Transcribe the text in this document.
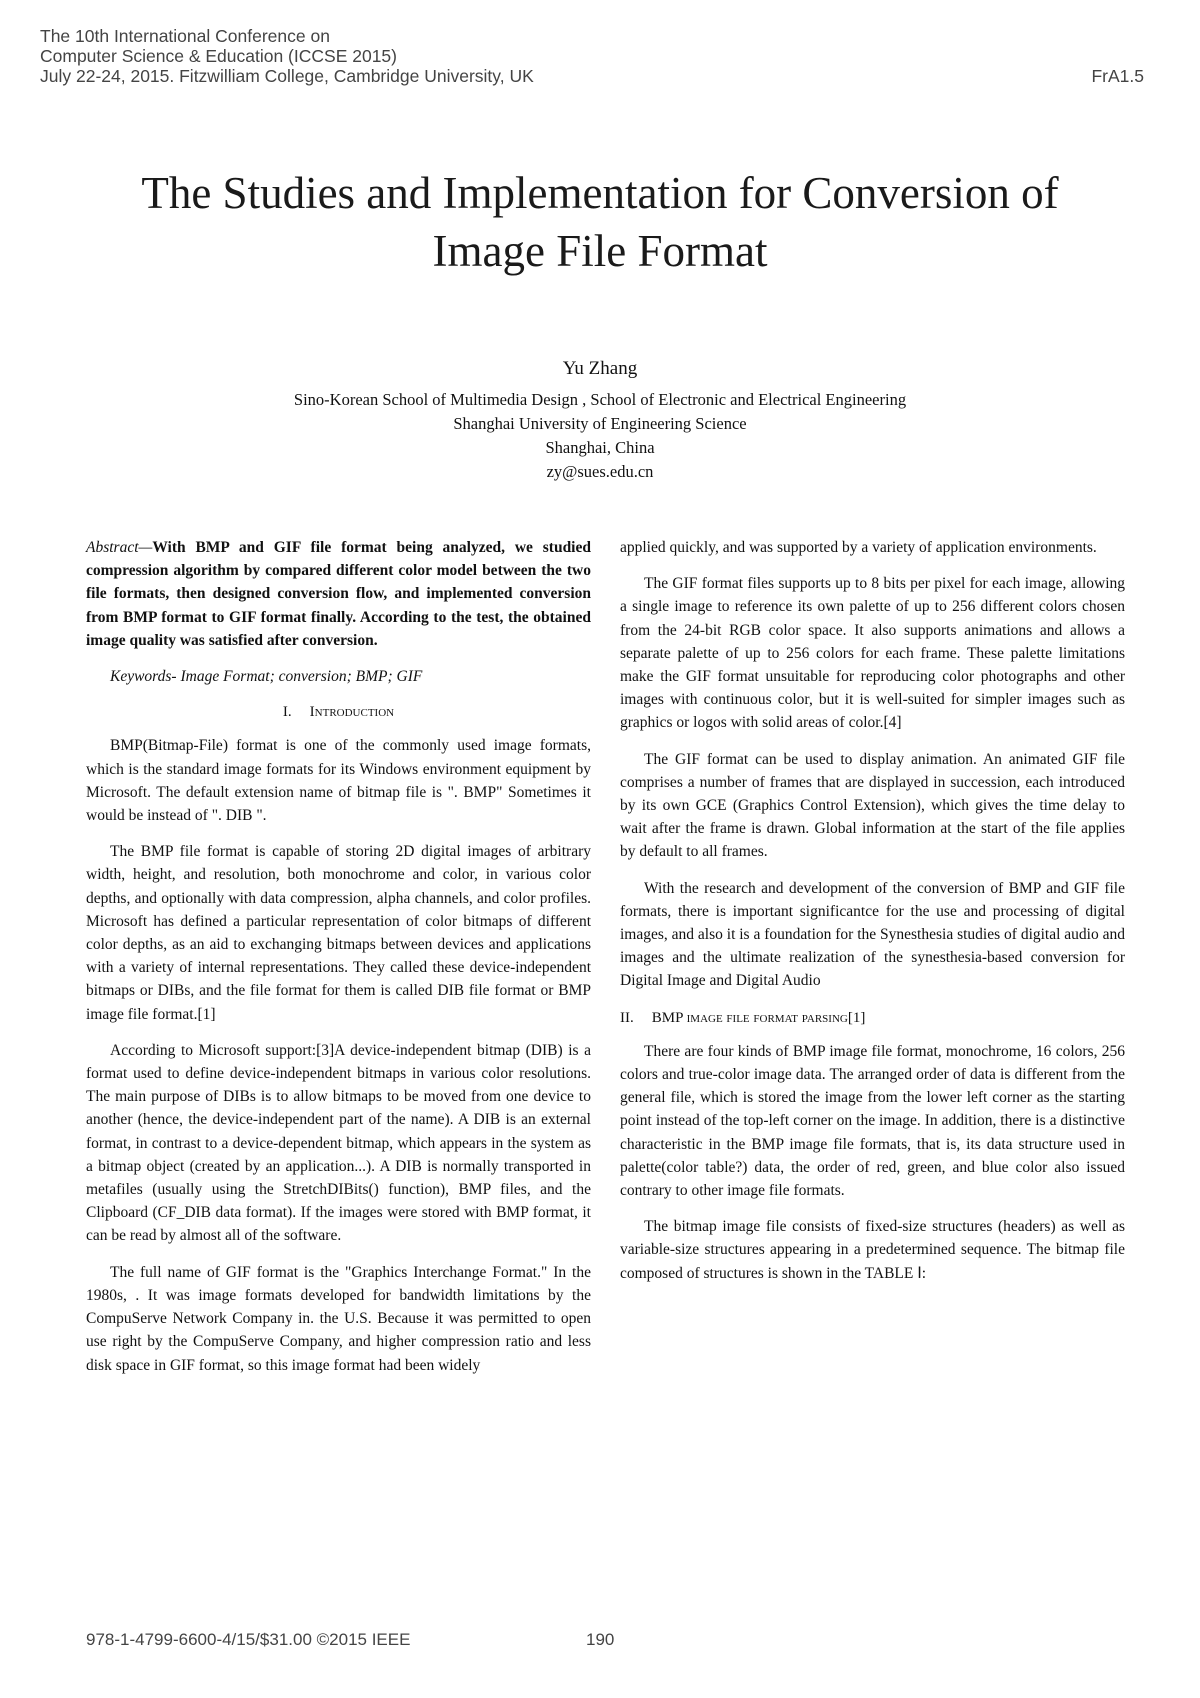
The 10th International Conference on
Computer Science & Education (ICCSE 2015)
July 22-24, 2015. Fitzwilliam College, Cambridge University, UK	FrA1.5
The Studies and Implementation for Conversion of
Image File Format
Yu Zhang
Sino-Korean School of Multimedia Design , School of Electronic and Electrical Engineering
Shanghai University of Engineering Science
Shanghai, China
zy@sues.edu.cn

Abstract—With BMP and GIF file format being analyzed, we studied compression algorithm by compared different color model between the two file formats, then designed conversion flow, and implemented conversion from BMP format to GIF format finally. According to the test, the obtained image quality was satisfied after conversion.

Keywords- Image Format; conversion; BMP; GIF

I. Introduction

BMP(Bitmap-File) format is one of the commonly used image formats, which is the standard image formats for its Windows environment equipment by Microsoft. The default extension name of bitmap file is ". BMP" Sometimes it would be instead of ". DIB ".

The BMP file format is capable of storing 2D digital images of arbitrary width, height, and resolution, both monochrome and color, in various color depths, and optionally with data compression, alpha channels, and color profiles. Microsoft has defined a particular representation of color bitmaps of different color depths, as an aid to exchanging bitmaps between devices and applications with a variety of internal representations. They called these device-independent bitmaps or DIBs, and the file format for them is called DIB file format or BMP image file format.[1]

According to Microsoft support:[3]A device-independent bitmap (DIB) is a format used to define device-independent bitmaps in various color resolutions. The main purpose of DIBs is to allow bitmaps to be moved from one device to another (hence, the device-independent part of the name). A DIB is an external format, in contrast to a device-dependent bitmap, which appears in the system as a bitmap object (created by an application...). A DIB is normally transported in metafiles (usually using the StretchDIBits() function), BMP files, and the Clipboard (CF_DIB data format). If the images were stored with BMP format, it can be read by almost all of the software.

The full name of GIF format is the "Graphics Interchange Format." In the 1980s, . It was image formats developed for bandwidth limitations by the CompuServe Network Company in. the U.S. Because it was permitted to open use right by the CompuServe Company, and higher compression ratio and less disk space in GIF format, so this image format had been widely

applied quickly, and was supported by a variety of application environments.

The GIF format files supports up to 8 bits per pixel for each image, allowing a single image to reference its own palette of up to 256 different colors chosen from the 24-bit RGB color space. It also supports animations and allows a separate palette of up to 256 colors for each frame. These palette limitations make the GIF format unsuitable for reproducing color photographs and other images with continuous color, but it is well-suited for simpler images such as graphics or logos with solid areas of color.[4]

The GIF format can be used to display animation. An animated GIF file comprises a number of frames that are displayed in succession, each introduced by its own GCE (Graphics Control Extension), which gives the time delay to wait after the frame is drawn. Global information at the start of the file applies by default to all frames.

With the research and development of the conversion of BMP and GIF file formats, there is important significantce for the use and processing of digital images, and also it is a foundation for the Synesthesia studies of digital audio and images and the ultimate realization of the synesthesia-based conversion for Digital Image and Digital Audio

II. BMP image file format parsing[1]

There are four kinds of BMP image file format, monochrome, 16 colors, 256 colors and true-color image data. The arranged order of data is different from the general file, which is stored the image from the lower left corner as the starting point instead of the top-left corner on the image. In addition, there is a distinctive characteristic in the BMP image file formats, that is, its data structure used in palette(color table?) data, the order of red, green, and blue color also issued contrary to other image file formats.

The bitmap image file consists of fixed-size structures (headers) as well as variable-size structures appearing in a predetermined sequence. The bitmap file composed of structures is shown in the TABLE Ⅰ:

978-1-4799-6600-4/15/$31.00 ©2015 IEEE	190
